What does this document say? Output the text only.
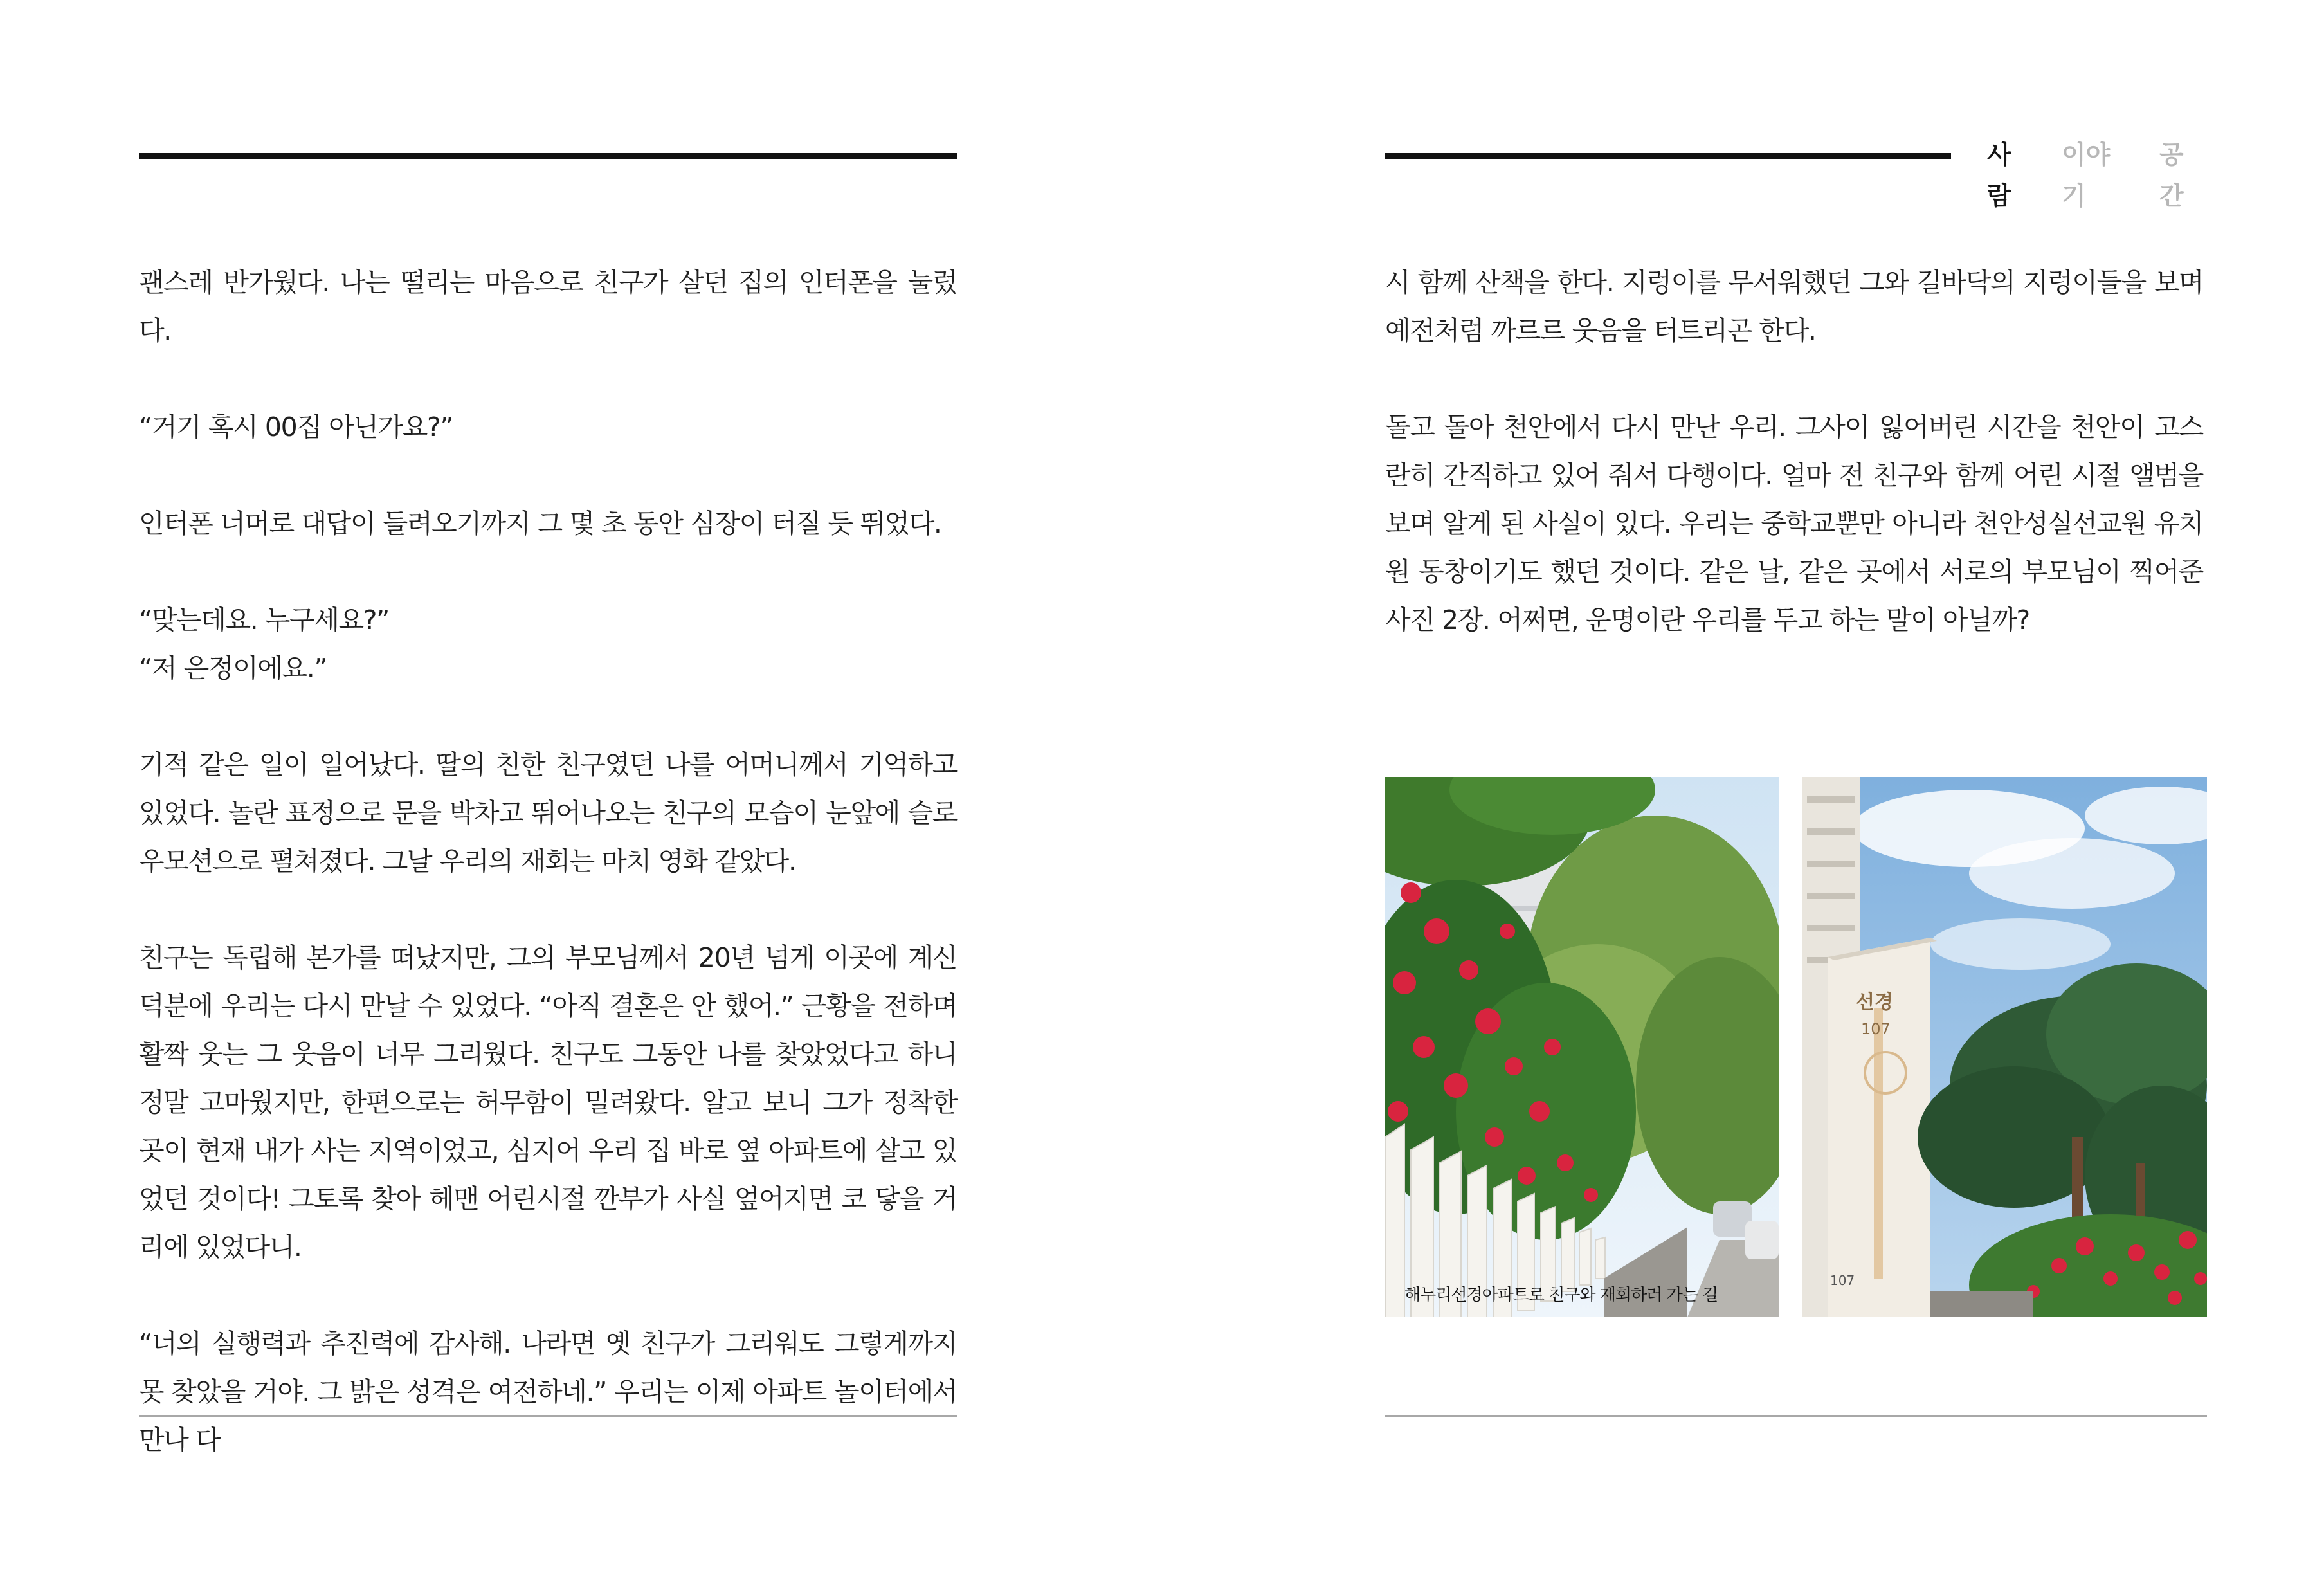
괜스레 반가웠다. 나는 떨리는 마음으로 친구가 살던 집의 인터폰을 눌렀다.

“거기 혹시 00집 아닌가요?”

인터폰 너머로 대답이 들려오기까지 그 몇 초 동안 심장이 터질 듯 뛰었다.

“맞는데요. 누구세요?”

“저 은정이에요.”

기적 같은 일이 일어났다. 딸의 친한 친구였던 나를 어머니께서 기억하고 있었다. 놀란 표정으로 문을 박차고 뛰어나오는 친구의 모습이 눈앞에 슬로우모션으로 펼쳐졌다. 그날 우리의 재회는 마치 영화 같았다.

친구는 독립해 본가를 떠났지만, 그의 부모님께서 20년 넘게 이곳에 계신 덕분에 우리는 다시 만날 수 있었다. “아직 결혼은 안 했어.” 근황을 전하며 활짝 웃는 그 웃음이 너무 그리웠다. 친구도 그동안 나를 찾았었다고 하니 정말 고마웠지만, 한편으로는 허무함이 밀려왔다. 알고 보니 그가 정착한 곳이 현재 내가 사는 지역이었고, 심지어 우리 집 바로 옆 아파트에 살고 있었던 것이다! 그토록 찾아 헤맨 어린시절 깐부가 사실 엎어지면 코 닿을 거리에 있었다니.

“너의 실행력과 추진력에 감사해. 나라면 옛 친구가 그리워도 그렇게까지 못 찾았을 거야. 그 밝은 성격은 여전하네.” 우리는 이제 아파트 놀이터에서 만나 다

사람
이야기
공간

시 함께 산책을 한다. 지렁이를 무서워했던 그와 길바닥의 지렁이들을 보며 예전처럼 까르르 웃음을 터트리곤 한다.

돌고 돌아 천안에서 다시 만난 우리. 그사이 잃어버린 시간을 천안이 고스란히 간직하고 있어 줘서 다행이다. 얼마 전 친구와 함께 어린 시절 앨범을 보며 알게 된 사실이 있다. 우리는 중학교뿐만 아니라 천안성실선교원 유치원 동창이기도 했던 것이다. 같은 날, 같은 곳에서 서로의 부모님이 찍어준 사진 2장. 어쩌면, 운명이란 우리를 두고 하는 말이 아닐까?

해누리선경아파트로 친구와 재회하러 가는 길
선경
107
107
